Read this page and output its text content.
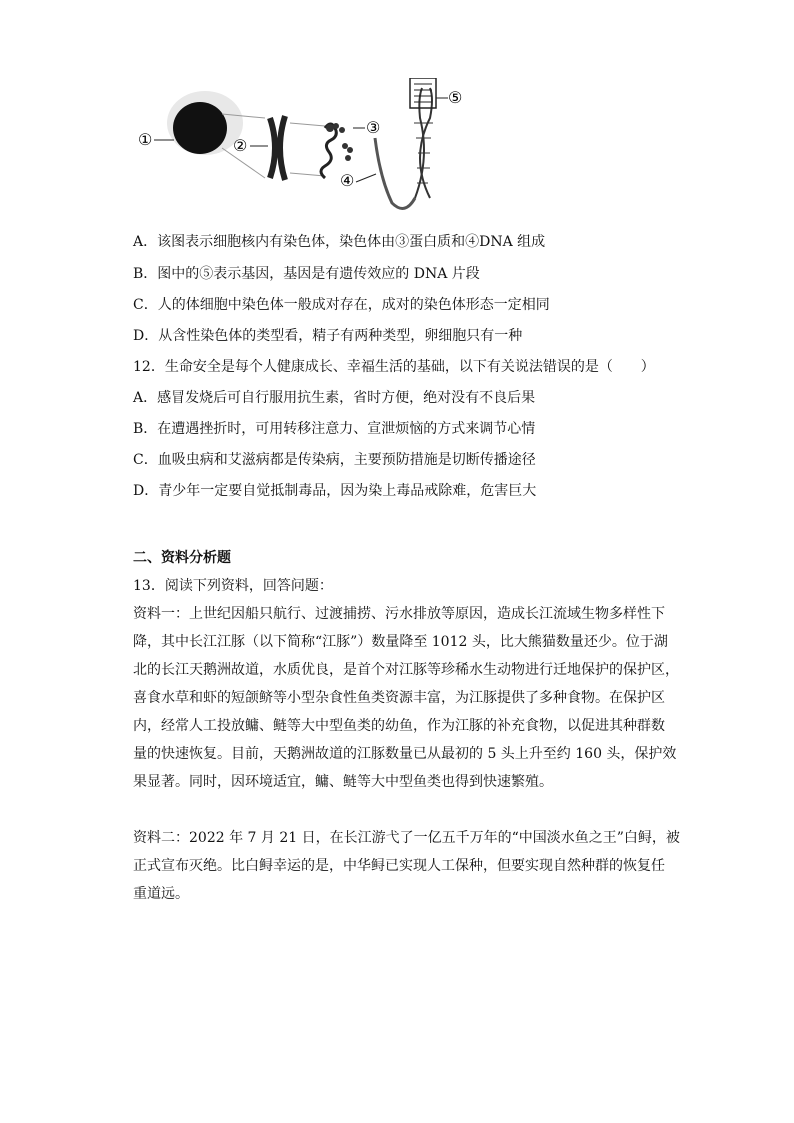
①	②
③
④
⑤
A．该图表示细胞核内有染色体，染色体由③蛋白质和④DNA 组成
B．图中的⑤表示基因，基因是有遗传效应的 DNA 片段
C．人的体细胞中染色体一般成对存在，成对的染色体形态一定相同
D．从含性染色体的类型看，精子有两种类型，卵细胞只有一种
12．生命安全是每个人健康成长、幸福生活的基础，以下有关说法错误的是（　　）
A．感冒发烧后可自行服用抗生素，省时方便，绝对没有不良后果
B．在遭遇挫折时，可用转移注意力、宣泄烦恼的方式来调节心情
C．血吸虫病和艾滋病都是传染病，主要预防措施是切断传播途径
D．青少年一定要自觉抵制毒品，因为染上毒品戒除难，危害巨大
二、资料分析题
13．阅读下列资料，回答问题：
资料一：上世纪因船只航行、过渡捕捞、污水排放等原因，造成长江流域生物多样性下
降，其中长江江豚（以下简称“江豚”）数量降至 1012 头，比大熊猫数量还少。位于湖
北的长江天鹅洲故道，水质优良，是首个对江豚等珍稀水生动物进行迁地保护的保护区，
喜食水草和虾的短颌鲚等小型杂食性鱼类资源丰富，为江豚提供了多种食物。在保护区
内，经常人工投放鳙、鲢等大中型鱼类的幼鱼，作为江豚的补充食物，以促进其种群数
量的快速恢复。目前，天鹅洲故道的江豚数量已从最初的 5 头上升至约 160 头，保护效
果显著。同时，因环境适宜，鳙、鲢等大中型鱼类也得到快速繁殖。
资料二：2022 年 7 月 21 日，在长江游弋了一亿五千万年的“中国淡水鱼之王”白鲟，被
正式宣布灭绝。比白鲟幸运的是，中华鲟已实现人工保种，但要实现自然种群的恢复任
重道远。
